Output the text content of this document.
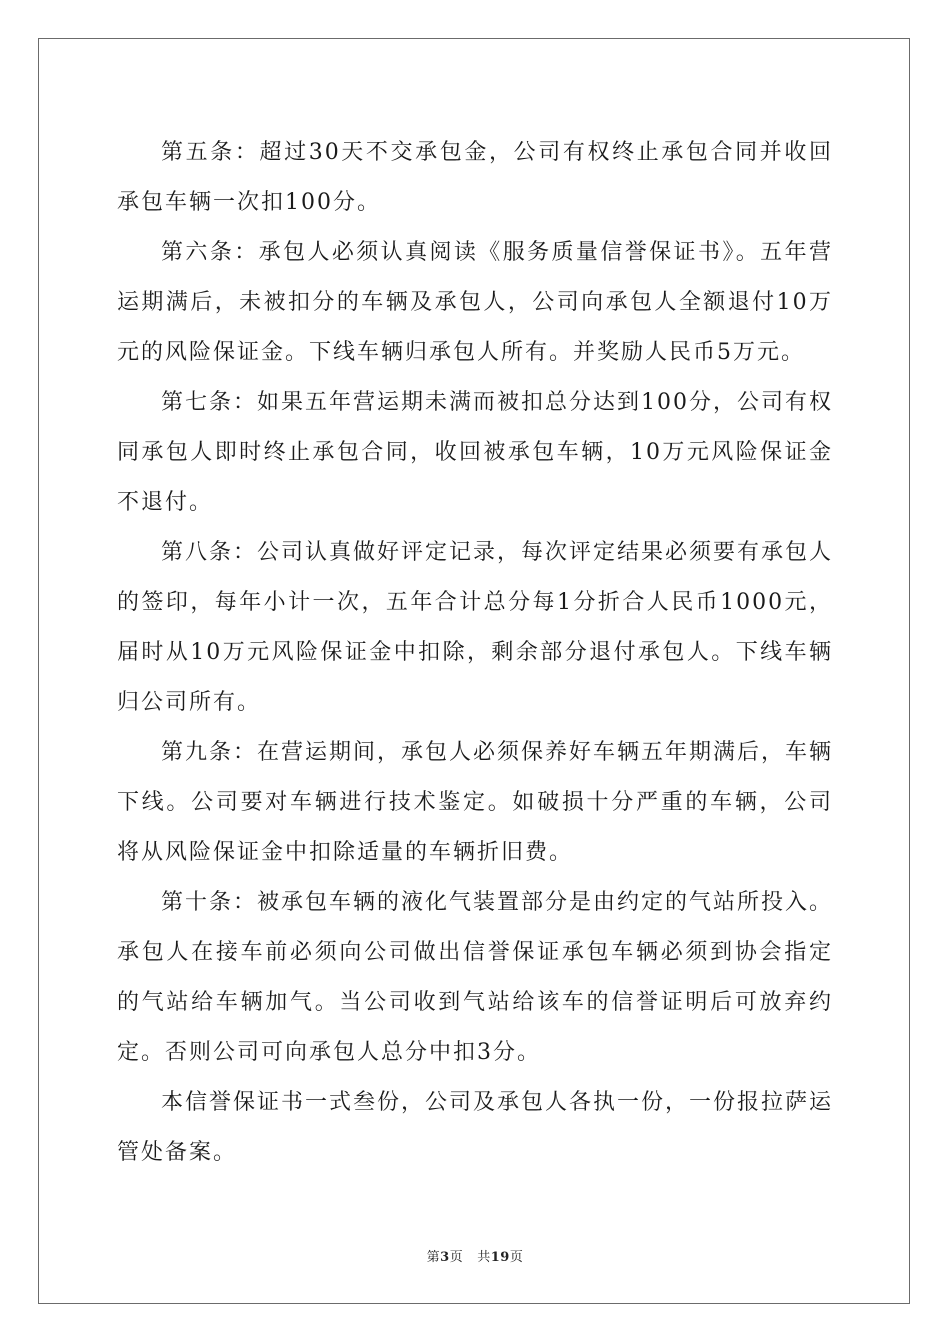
第五条：超过30天不交承包金，公司有权终止承包合同并收回承包车辆一次扣100分。

第六条：承包人必须认真阅读《服务质量信誉保证书》。五年营运期满后，未被扣分的车辆及承包人，公司向承包人全额退付10万元的风险保证金。下线车辆归承包人所有。并奖励人民币5万元。

第七条：如果五年营运期未满而被扣总分达到100分，公司有权同承包人即时终止承包合同，收回被承包车辆，10万元风险保证金不退付。

第八条：公司认真做好评定记录，每次评定结果必须要有承包人的签印，每年小计一次，五年合计总分每1分折合人民币1000元，届时从10万元风险保证金中扣除，剩余部分退付承包人。下线车辆归公司所有。

第九条：在营运期间，承包人必须保养好车辆五年期满后，车辆下线。公司要对车辆进行技术鉴定。如破损十分严重的车辆，公司将从风险保证金中扣除适量的车辆折旧费。

第十条：被承包车辆的液化气装置部分是由约定的气站所投入。承包人在接车前必须向公司做出信誉保证承包车辆必须到协会指定的气站给车辆加气。当公司收到气站给该车的信誉证明后可放弃约定。否则公司可向承包人总分中扣3分。

本信誉保证书一式叁份，公司及承包人各执一份，一份报拉萨运管处备案。

第3页 共19页
